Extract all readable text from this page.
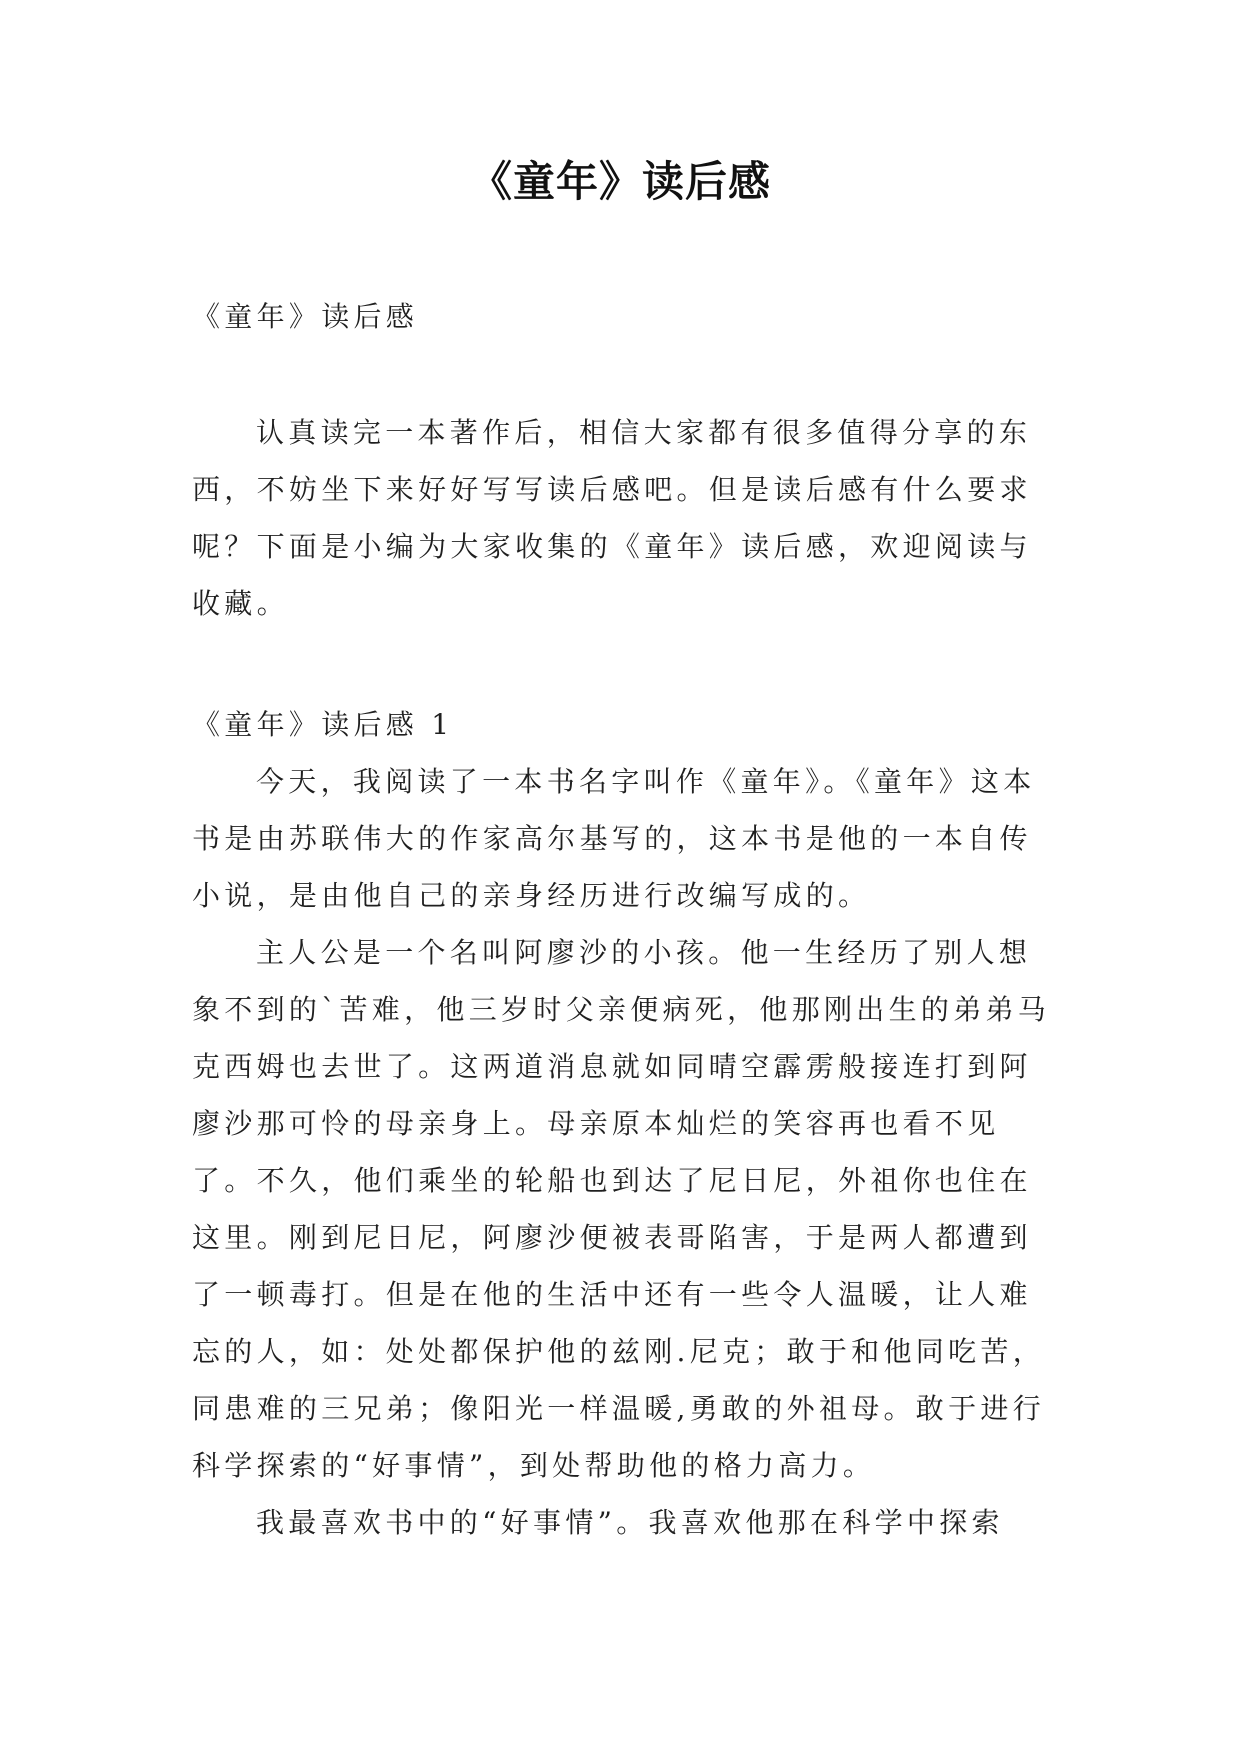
《童年》读后感
《童年》读后感

认真读完一本著作后，相信大家都有很多值得分享的东西，不妨坐下来好好写写读后感吧。但是读后感有什么要求呢？下面是小编为大家收集的《童年》读后感，欢迎阅读与收藏。

《童年》读后感 1

今天，我阅读了一本书名字叫作《童年》。《童年》这本书是由苏联伟大的作家高尔基写的，这本书是他的一本自传小说，是由他自己的亲身经历进行改编写成的。

主人公是一个名叫阿廖沙的小孩。他一生经历了别人想象不到的`苦难，他三岁时父亲便病死，他那刚出生的弟弟马克西姆也去世了。这两道消息就如同晴空霹雳般接连打到阿廖沙那可怜的母亲身上。母亲原本灿烂的笑容再也看不见了。不久，他们乘坐的轮船也到达了尼日尼，外祖你也住在这里。刚到尼日尼，阿廖沙便被表哥陷害，于是两人都遭到了一顿毒打。但是在他的生活中还有一些令人温暖，让人难忘的人，如：处处都保护他的兹刚.尼克；敢于和他同吃苦，同患难的三兄弟；像阳光一样温暖,勇敢的外祖母。敢于进行科学探索的“好事情”，到处帮助他的格力高力。

我最喜欢书中的“好事情”。我喜欢他那在科学中探索
